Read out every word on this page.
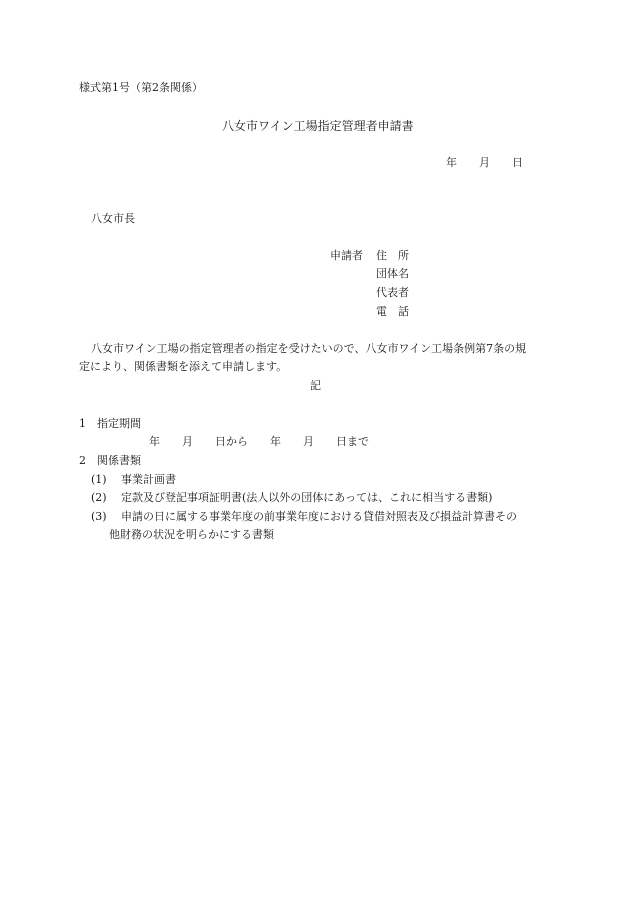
様式第1号（第2条関係）
八女市ワイン工場指定管理者申請書
年　　月　　日
八女市長
申請者 住　所
団体名
代表者
電　話
八女市ワイン工場の指定管理者の指定を受けたいので、八女市ワイン工場条例第7条の規
定により、関係書類を添えて申請します。
記
1 指定期間
年　　月　　日から　　年　　月　　日まで
2 関係書類
(1) 事業計画書
(2) 定款及び登記事項証明書(法人以外の団体にあっては、これに相当する書類)
(3) 申請の日に属する事業年度の前事業年度における貸借対照表及び損益計算書その
他財務の状況を明らかにする書類
